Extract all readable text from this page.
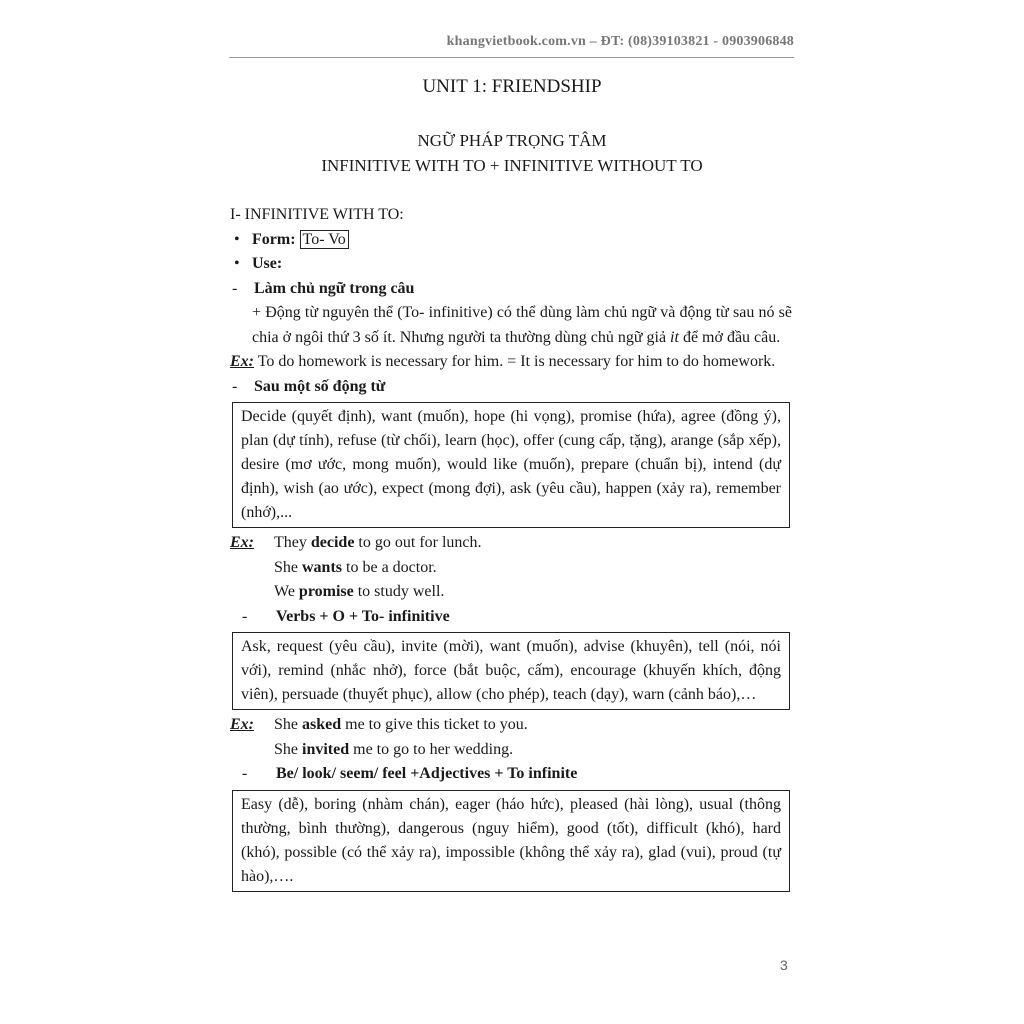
khangvietbook.com.vn – ĐT: (08)39103821 - 0903906848
UNIT 1: FRIENDSHIP
NGỮ PHÁP TRỌNG TÂM
INFINITIVE WITH TO + INFINITIVE WITHOUT TO
I- INFINITIVE WITH TO:
• Form: To- Vo
• Use:
- Làm chủ ngữ trong câu
+ Động từ nguyên thể (To- infinitive) có thể dùng làm chủ ngữ và động từ sau nó sẽ chia ở ngôi thứ 3 số ít. Nhưng người ta thường dùng chủ ngữ giả it để mở đầu câu.
Ex: To do homework is necessary for him. = It is necessary for him to do homework.
- Sau một số động từ
Decide (quyết định), want (muốn), hope (hi vọng), promise (hứa), agree (đồng ý), plan (dự tính), refuse (từ chối), learn (học), offer (cung cấp, tặng), arange (sắp xếp), desire (mơ ước, mong muốn), would like (muốn), prepare (chuẩn bị), intend (dự định), wish (ao ước), expect (mong đợi), ask (yêu cầu), happen (xảy ra), remember (nhớ),...
Ex:	They decide to go out for lunch.
She wants to be a doctor.
We promise to study well.
- Verbs + O + To- infinitive
Ask, request (yêu cầu), invite (mời), want (muốn), advise (khuyên), tell (nói, nói với), remind (nhắc nhở), force (bắt buộc, cấm), encourage (khuyến khích, động viên), persuade (thuyết phục), allow (cho phép), teach (dạy), warn (cảnh báo),…
Ex:	She asked me to give this ticket to you.
She invited me to go to her wedding.
- Be/ look/ seem/ feel +Adjectives + To infinite
Easy (dễ), boring (nhàm chán), eager (háo hức), pleased (hài lòng), usual (thông thường, bình thường), dangerous (nguy hiểm), good (tốt), difficult (khó), hard (khó), possible (có thể xảy ra), impossible (không thể xảy ra), glad (vui), proud (tự hào),….
3
